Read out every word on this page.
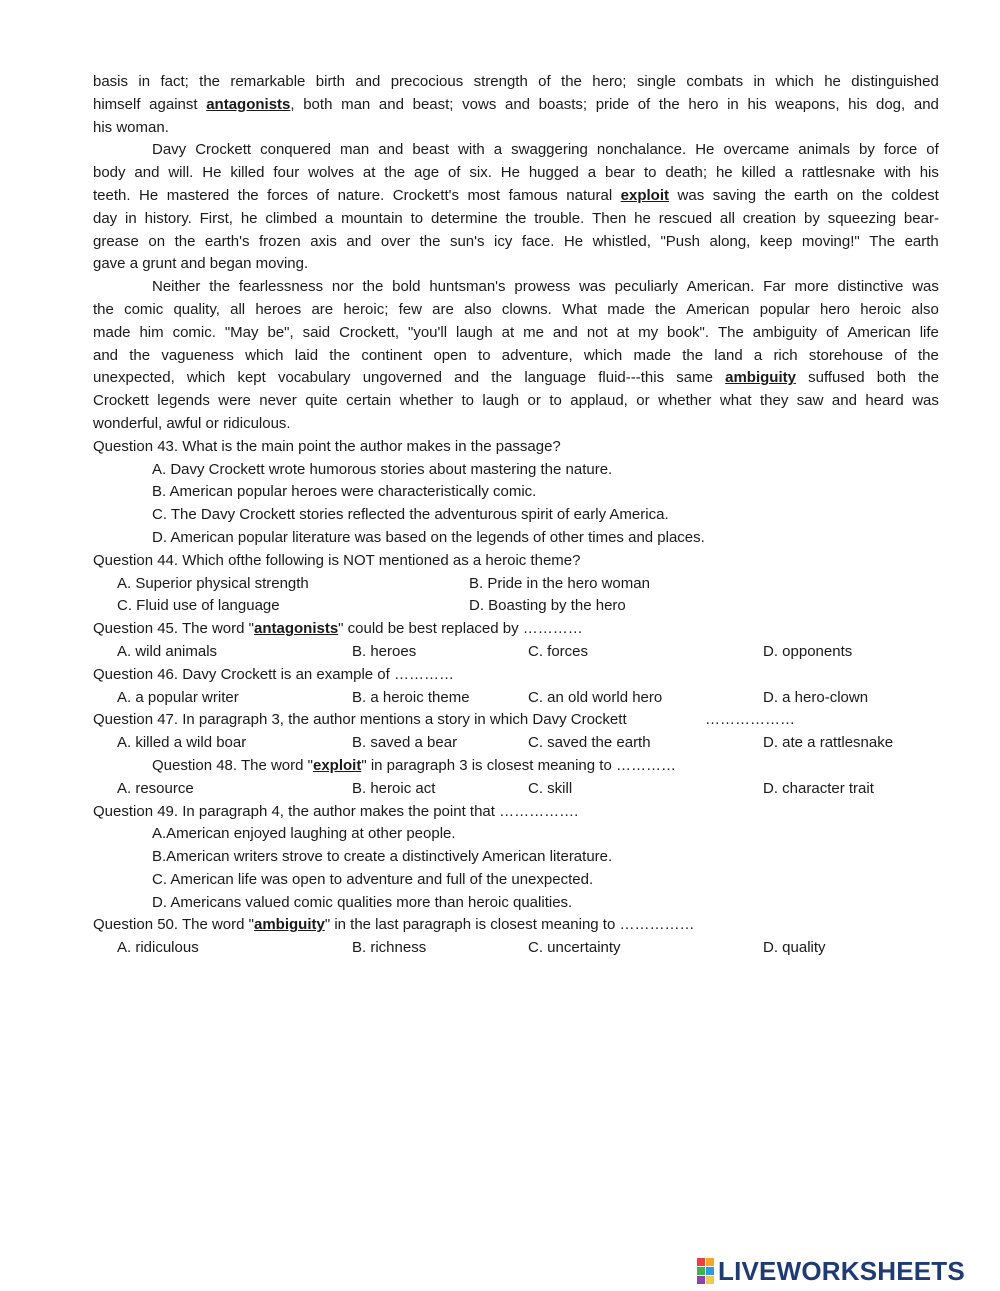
basis in fact; the remarkable birth and precocious strength of the hero; single combats in which he distinguished
himself against antagonists, both man and beast; vows and boasts; pride of the hero in his weapons, his dog, and
his woman.
Davy Crockett conquered man and beast with a swaggering nonchalance. He overcame animals by force of
body and will. He killed four wolves at the age of six. He hugged a bear to death; he killed a rattlesnake with his
teeth. He mastered the forces of nature. Crockett's most famous natural exploit was saving the earth on the coldest
day in history. First, he climbed a mountain to determine the trouble. Then he rescued all creation by squeezing bear-
grease on the earth's frozen axis and over the sun's icy face. He whistled, "Push along, keep moving!" The earth
gave a grunt and began moving.
Neither the fearlessness nor the bold huntsman's prowess was peculiarly American. Far more distinctive was
the comic quality, all heroes are heroic; few are also clowns. What made the American popular hero heroic also
made him comic. "May be", said Crockett, "you'll laugh at me and not at my book". The ambiguity of American life
and the vagueness which laid the continent open to adventure, which made the land a rich storehouse of the
unexpected, which kept vocabulary ungoverned and the language fluid---this same ambiguity suffused both the
Crockett legends were never quite certain whether to laugh or to applaud, or whether what they saw and heard was
wonderful, awful or ridiculous.
Question 43. What is the main point the author makes in the passage?
A. Davy Crockett wrote humorous stories about mastering the nature.
B. American popular heroes were characteristically comic.
C. The Davy Crockett stories reflected the adventurous spirit of early America.
D. American popular literature was based on the legends of other times and places.
Question 44. Which ofthe following is NOT mentioned as a heroic theme?
A. Superior physical strength	B. Pride in the hero woman
C. Fluid use of language	D. Boasting by the hero
Question 45. The word "antagonists" could be best replaced by …………
A. wild animals	B. heroes	C. forces	D. opponents
Question 46. Davy Crockett is an example of …………
A. a popular writer	B. a heroic theme	C. an old world hero	D. a hero-clown
Question 47. In paragraph 3, the author mentions a story in which Davy Crockett	………………
A. killed a wild boar	B. saved a bear	C. saved the earth	D. ate a rattlesnake
Question 48. The word "exploit" in paragraph 3 is closest meaning to …………
A. resource	B. heroic act	C. skill	D. character trait
Question 49. In paragraph 4, the author makes the point that …………….
A.American enjoyed laughing at other people.
B.American writers strove to create a distinctively American literature.
C. American life was open to adventure and full of the unexpected.
D. Americans valued comic qualities more than heroic qualities.
Question 50. The word "ambiguity" in the last paragraph is closest meaning to ……………
A. ridiculous	B. richness	C. uncertainty	D. quality
LIVEWORKSHEETS
